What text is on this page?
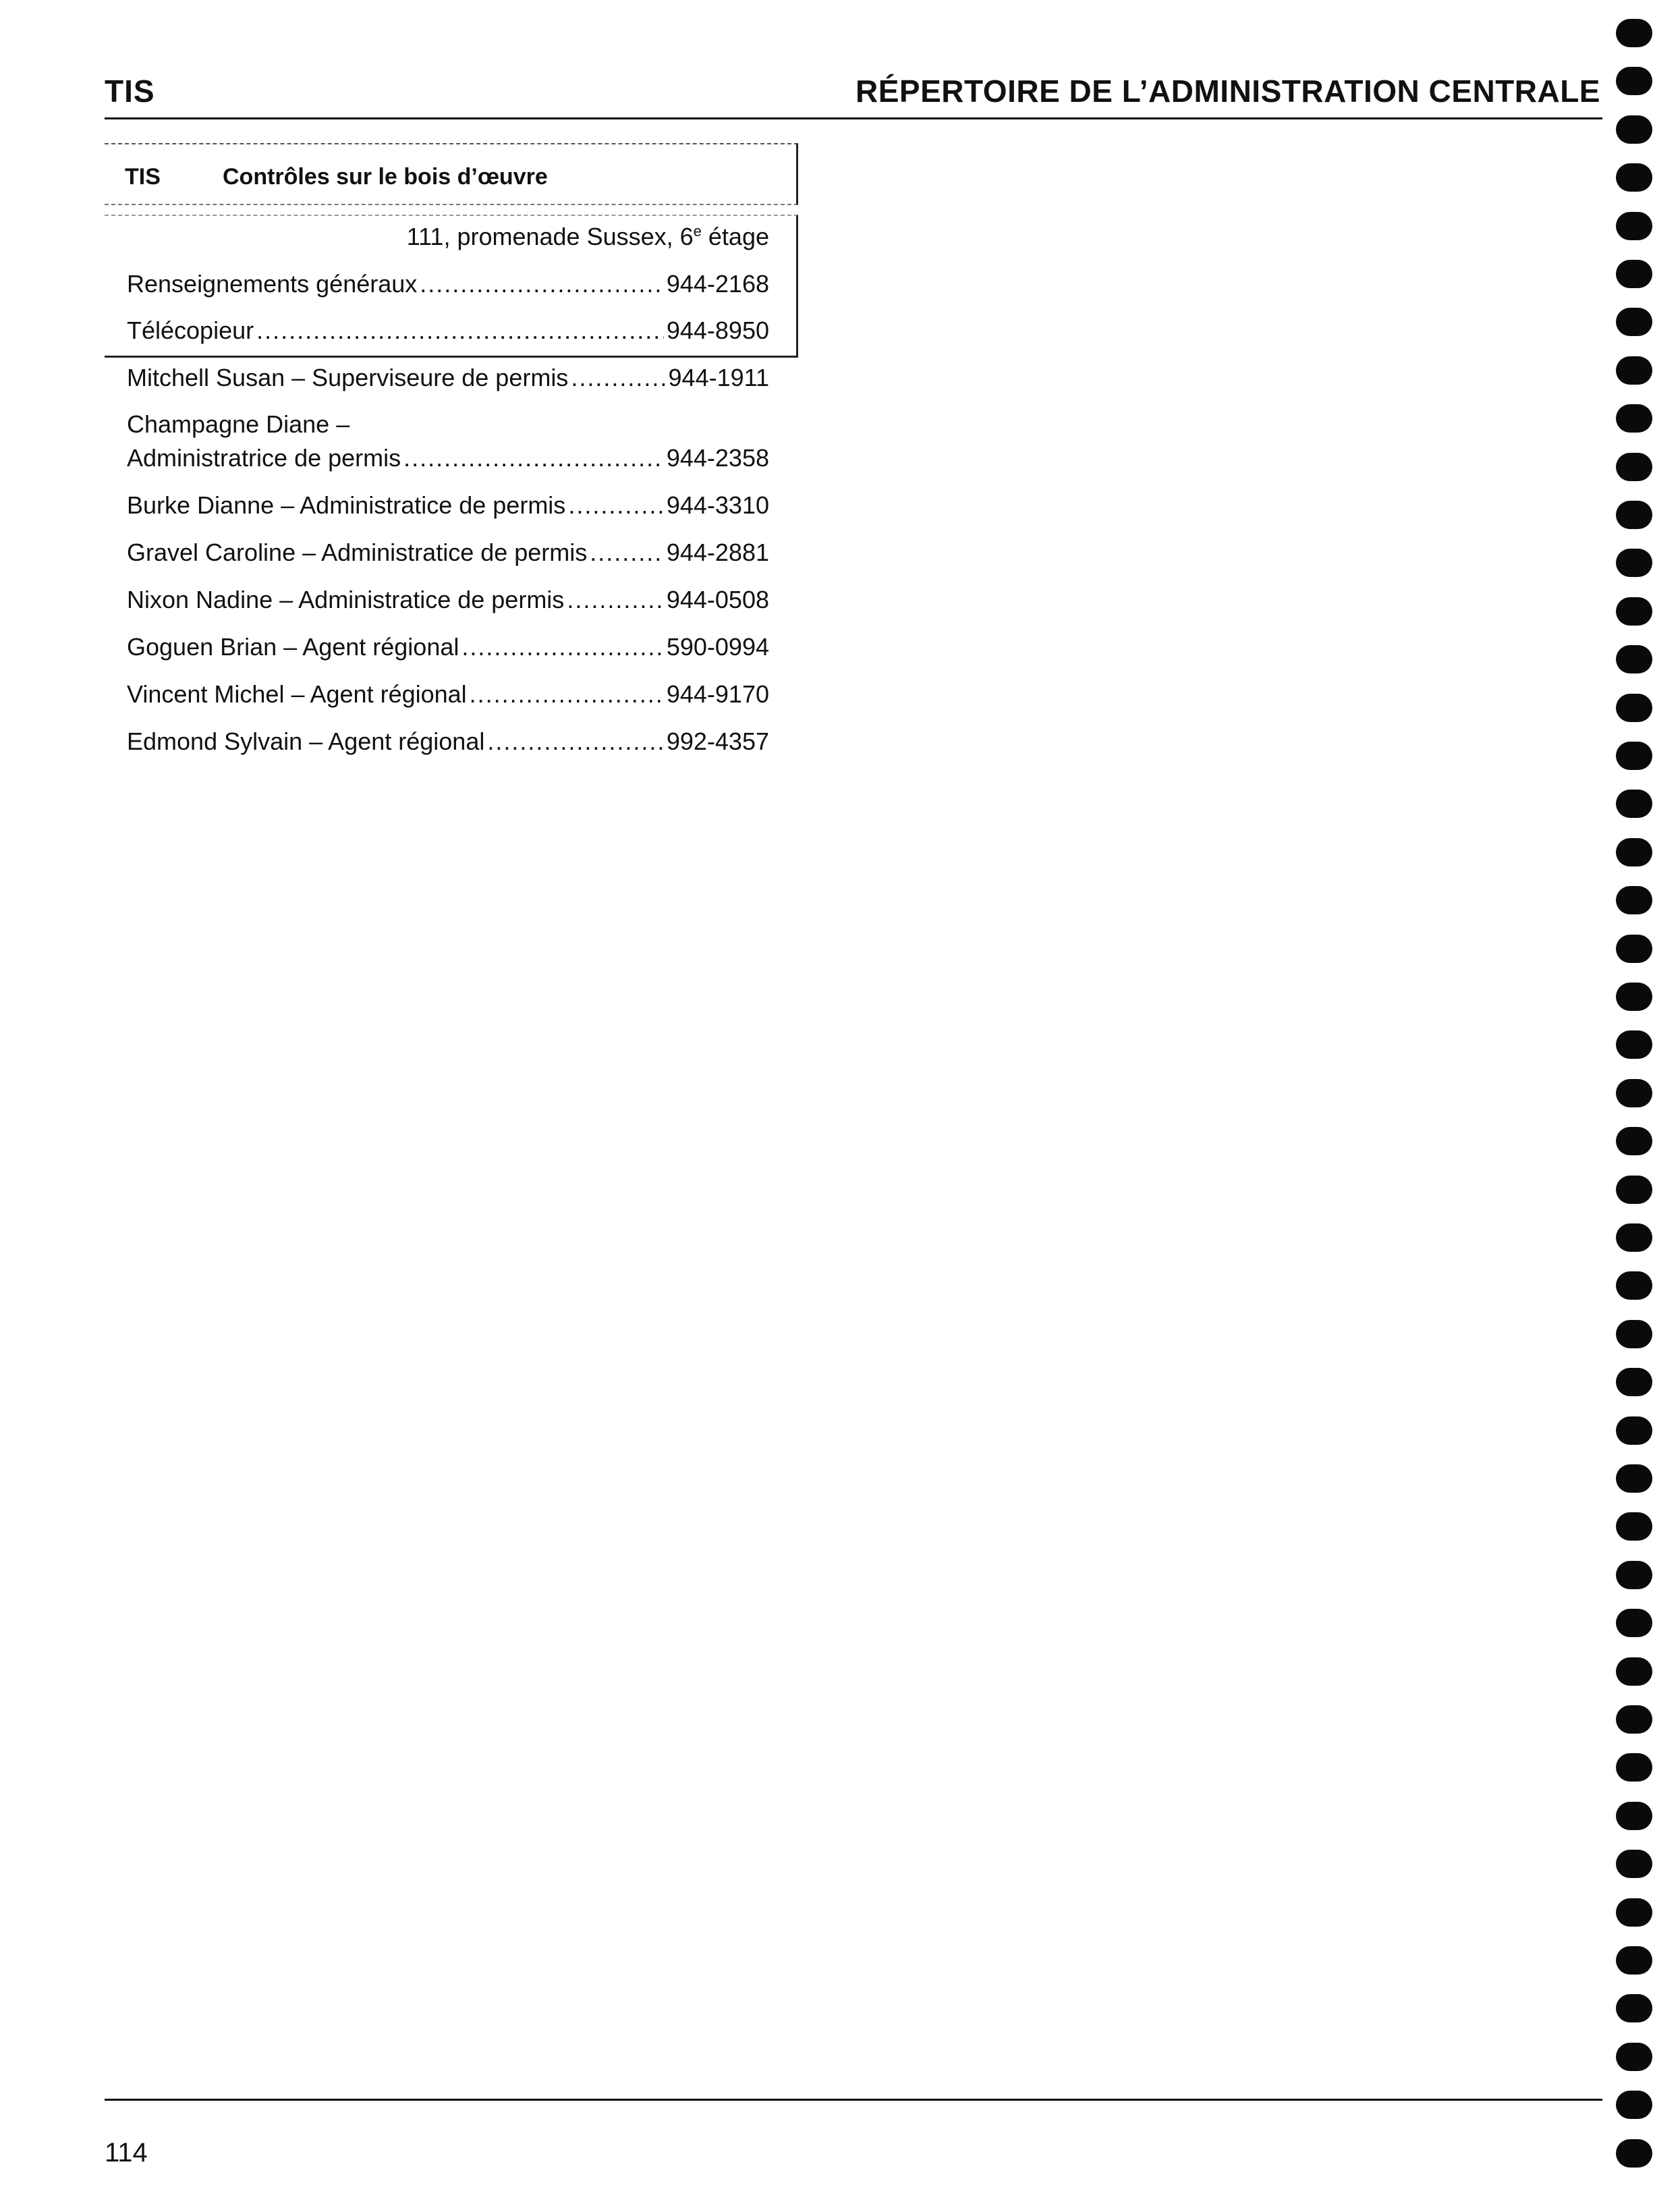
TIS	RÉPERTOIRE DE L’ADMINISTRATION CENTRALE
TIS	Contrôles sur le bois d’œuvre
111, promenade Sussex, 6e étage
Renseignements généraux .....	944-2168
Télécopieur .....	944-8950
Mitchell Susan – Superviseure de permis .....	944-1911
Champagne Diane –
Administratrice de permis .....	944-2358
Burke Dianne – Administratice de permis .....	944-3310
Gravel Caroline – Administratice de permis .....	944-2881
Nixon Nadine – Administratice de permis .....	944-0508
Goguen Brian – Agent régional .....	590-0994
Vincent Michel – Agent régional .....	944-9170
Edmond Sylvain – Agent régional .....	992-4357
114
